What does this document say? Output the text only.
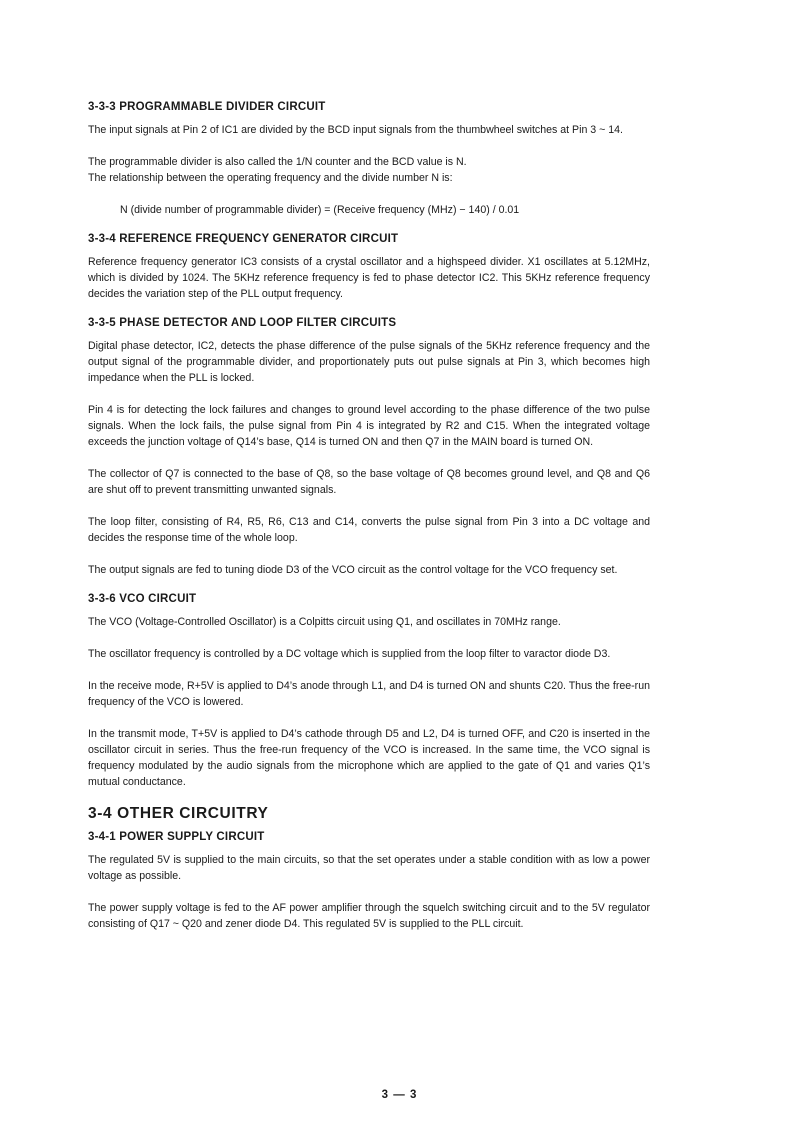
3-3-3 PROGRAMMABLE DIVIDER CIRCUIT

The input signals at Pin 2 of IC1 are divided by the BCD input signals from the thumbwheel switches at Pin 3 ~ 14.

The programmable divider is also called the 1/N counter and the BCD value is N.

The relationship between the operating frequency and the divide number N is:

N (divide number of programmable divider) = (Receive frequency (MHz) − 140) / 0.01
3-3-4 REFERENCE FREQUENCY GENERATOR CIRCUIT

Reference frequency generator IC3 consists of a crystal oscillator and a highspeed divider. X1 oscillates at 5.12MHz, which is divided by 1024. The 5KHz reference frequency is fed to phase detector IC2. This 5KHz reference frequency decides the variation step of the PLL output frequency.

3-3-5 PHASE DETECTOR AND LOOP FILTER CIRCUITS

Digital phase detector, IC2, detects the phase difference of the pulse signals of the 5KHz reference frequency and the output signal of the programmable divider, and proportionately puts out pulse signals at Pin 3, which becomes high impedance when the PLL is locked.

Pin 4 is for detecting the lock failures and changes to ground level according to the phase difference of the two pulse signals. When the lock fails, the pulse signal from Pin 4 is integrated by R2 and C15. When the integrated voltage exceeds the junction voltage of Q14’s base, Q14 is turned ON and then Q7 in the MAIN board is turned ON.

The collector of Q7 is connected to the base of Q8, so the base voltage of Q8 becomes ground level, and Q8 and Q6 are shut off to prevent transmitting unwanted signals.

The loop filter, consisting of R4, R5, R6, C13 and C14, converts the pulse signal from Pin 3 into a DC voltage and decides the response time of the whole loop.

The output signals are fed to tuning diode D3 of the VCO circuit as the control voltage for the VCO frequency set.

3-3-6 VCO CIRCUIT

The VCO (Voltage-Controlled Oscillator) is a Colpitts circuit using Q1, and oscillates in 70MHz range.

The oscillator frequency is controlled by a DC voltage which is supplied from the loop filter to varactor diode D3.

In the receive mode, R+5V is applied to D4’s anode through L1, and D4 is turned ON and shunts C20. Thus the free-run frequency of the VCO is lowered.

In the transmit mode, T+5V is applied to D4’s cathode through D5 and L2, D4 is turned OFF, and C20 is inserted in the oscillator circuit in series. Thus the free-run frequency of the VCO is increased. In the same time, the VCO signal is frequency modulated by the audio signals from the microphone which are applied to the gate of Q1 and varies Q1’s mutual conductance.

3-4 OTHER CIRCUITRY
3-4-1 POWER SUPPLY CIRCUIT

The regulated 5V is supplied to the main circuits, so that the set operates under a stable condition with as low a power voltage as possible.

The power supply voltage is fed to the AF power amplifier through the squelch switching circuit and to the 5V regulator consisting of Q17 ~ Q20 and zener diode D4. This regulated 5V is supplied to the PLL circuit.

3 — 3
